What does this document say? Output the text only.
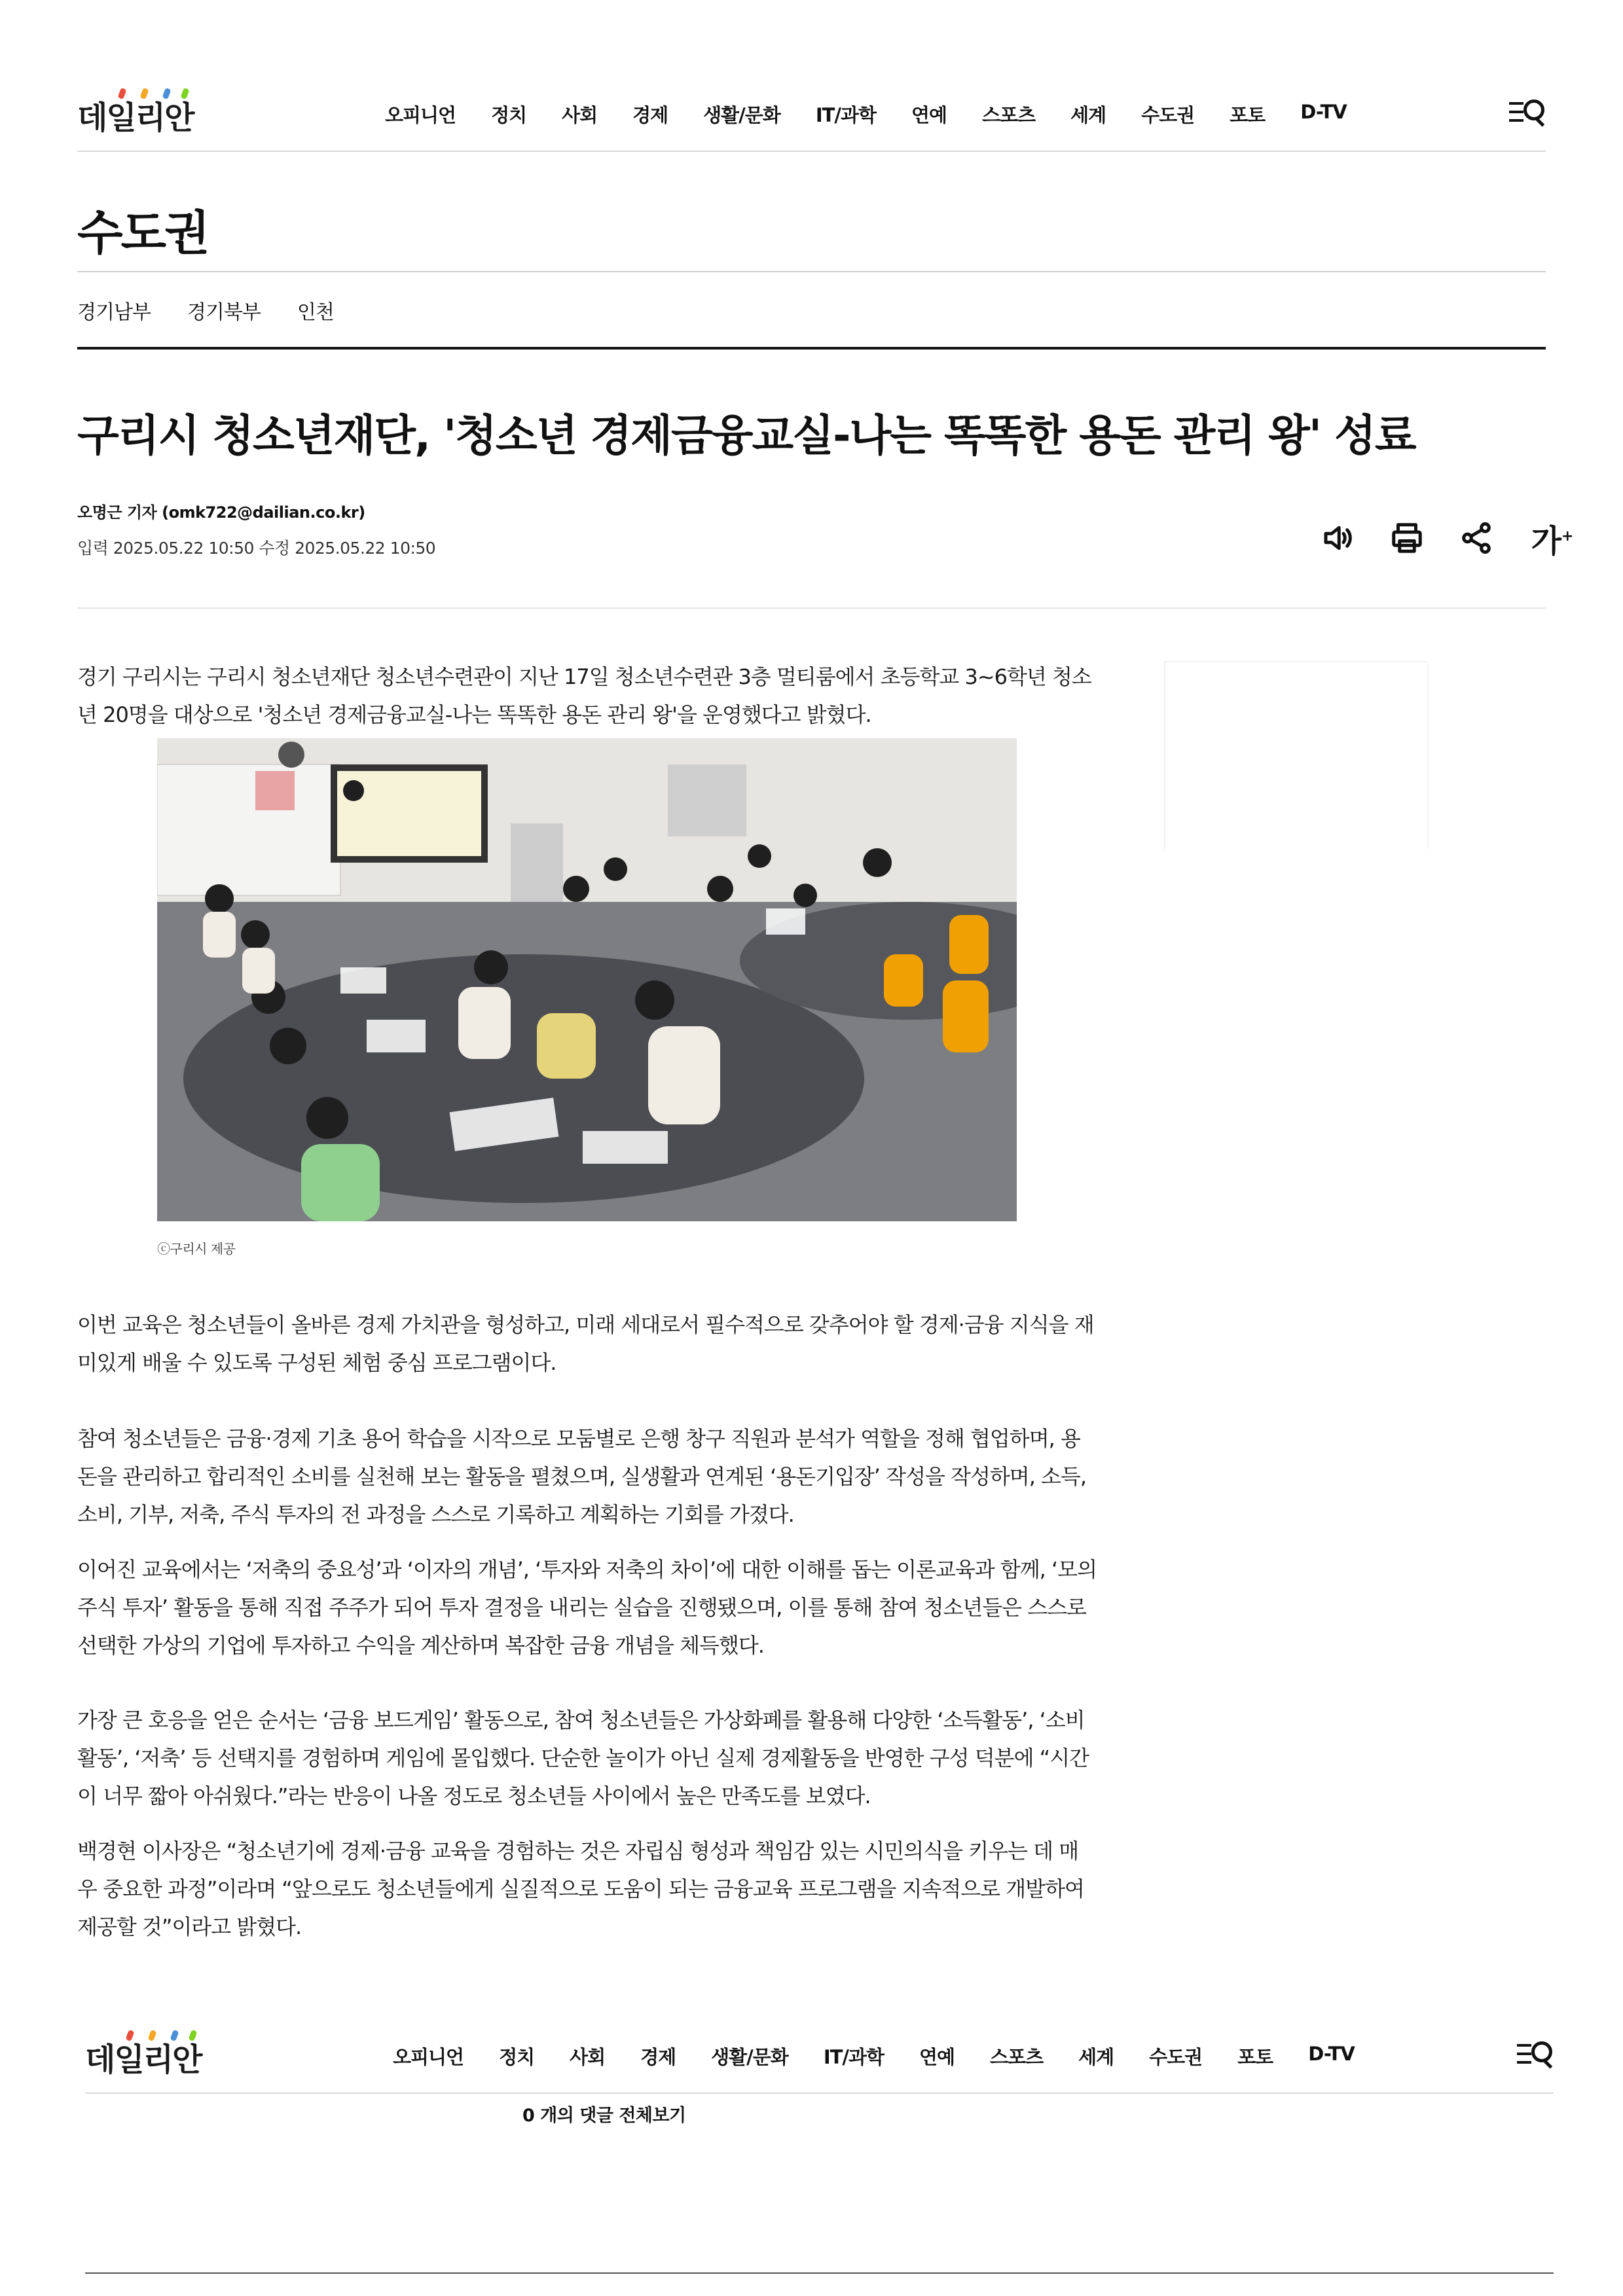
데일리안	오피니언 정치 사회 경제 생활/문화 IT/과학 연예 스포츠 세계 수도권 포토 D-TV
수도권
경기남부 경기북부 인천
구리시 청소년재단, '청소년 경제금융교실-나는 똑똑한 용돈 관리 왕' 성료
오명근 기자 (omk722@dailian.co.kr)
입력 2025.05.22 10:50 수정 2025.05.22 10:50	가+

경기 구리시는 구리시 청소년재단 청소년수련관이 지난 17일 청소년수련관 3층 멀티룸에서 초등학교 3~6학년 청소
년 20명을 대상으로 '청소년 경제금융교실-나는 똑똑한 용돈 관리 왕'을 운영했다고 밝혔다.

ⓒ구리시 제공

이번 교육은 청소년들이 올바른 경제 가치관을 형성하고, 미래 세대로서 필수적으로 갖추어야 할 경제·금융 지식을 재
미있게 배울 수 있도록 구성된 체험 중심 프로그램이다.

참여 청소년들은 금융·경제 기초 용어 학습을 시작으로 모둠별로 은행 창구 직원과 분석가 역할을 정해 협업하며, 용
돈을 관리하고 합리적인 소비를 실천해 보는 활동을 펼쳤으며, 실생활과 연계된 ‘용돈기입장’ 작성을 작성하며, 소득,
소비, 기부, 저축, 주식 투자의 전 과정을 스스로 기록하고 계획하는 기회를 가졌다.

이어진 교육에서는 ‘저축의 중요성’과 ‘이자의 개념’, ‘투자와 저축의 차이’에 대한 이해를 돕는 이론교육과 함께, ‘모의
주식 투자’ 활동을 통해 직접 주주가 되어 투자 결정을 내리는 실습을 진행됐으며, 이를 통해 참여 청소년들은 스스로
선택한 가상의 기업에 투자하고 수익을 계산하며 복잡한 금융 개념을 체득했다.

가장 큰 호응을 얻은 순서는 ‘금융 보드게임’ 활동으로, 참여 청소년들은 가상화폐를 활용해 다양한 ‘소득활동’, ‘소비
활동’, ‘저축’ 등 선택지를 경험하며 게임에 몰입했다. 단순한 놀이가 아닌 실제 경제활동을 반영한 구성 덕분에 “시간
이 너무 짧아 아쉬웠다.”라는 반응이 나올 정도로 청소년들 사이에서 높은 만족도를 보였다.

백경현 이사장은 “청소년기에 경제·금융 교육을 경험하는 것은 자립심 형성과 책임감 있는 시민의식을 키우는 데 매
우 중요한 과정”이라며 “앞으로도 청소년들에게 실질적으로 도움이 되는 금융교육 프로그램을 지속적으로 개발하여
제공할 것”이라고 밝혔다.

데일리안	오피니언 정치 사회 경제 생활/문화 IT/과학 연예 스포츠 세계 수도권 포토 D-TV
0 개의 댓글 전체보기
